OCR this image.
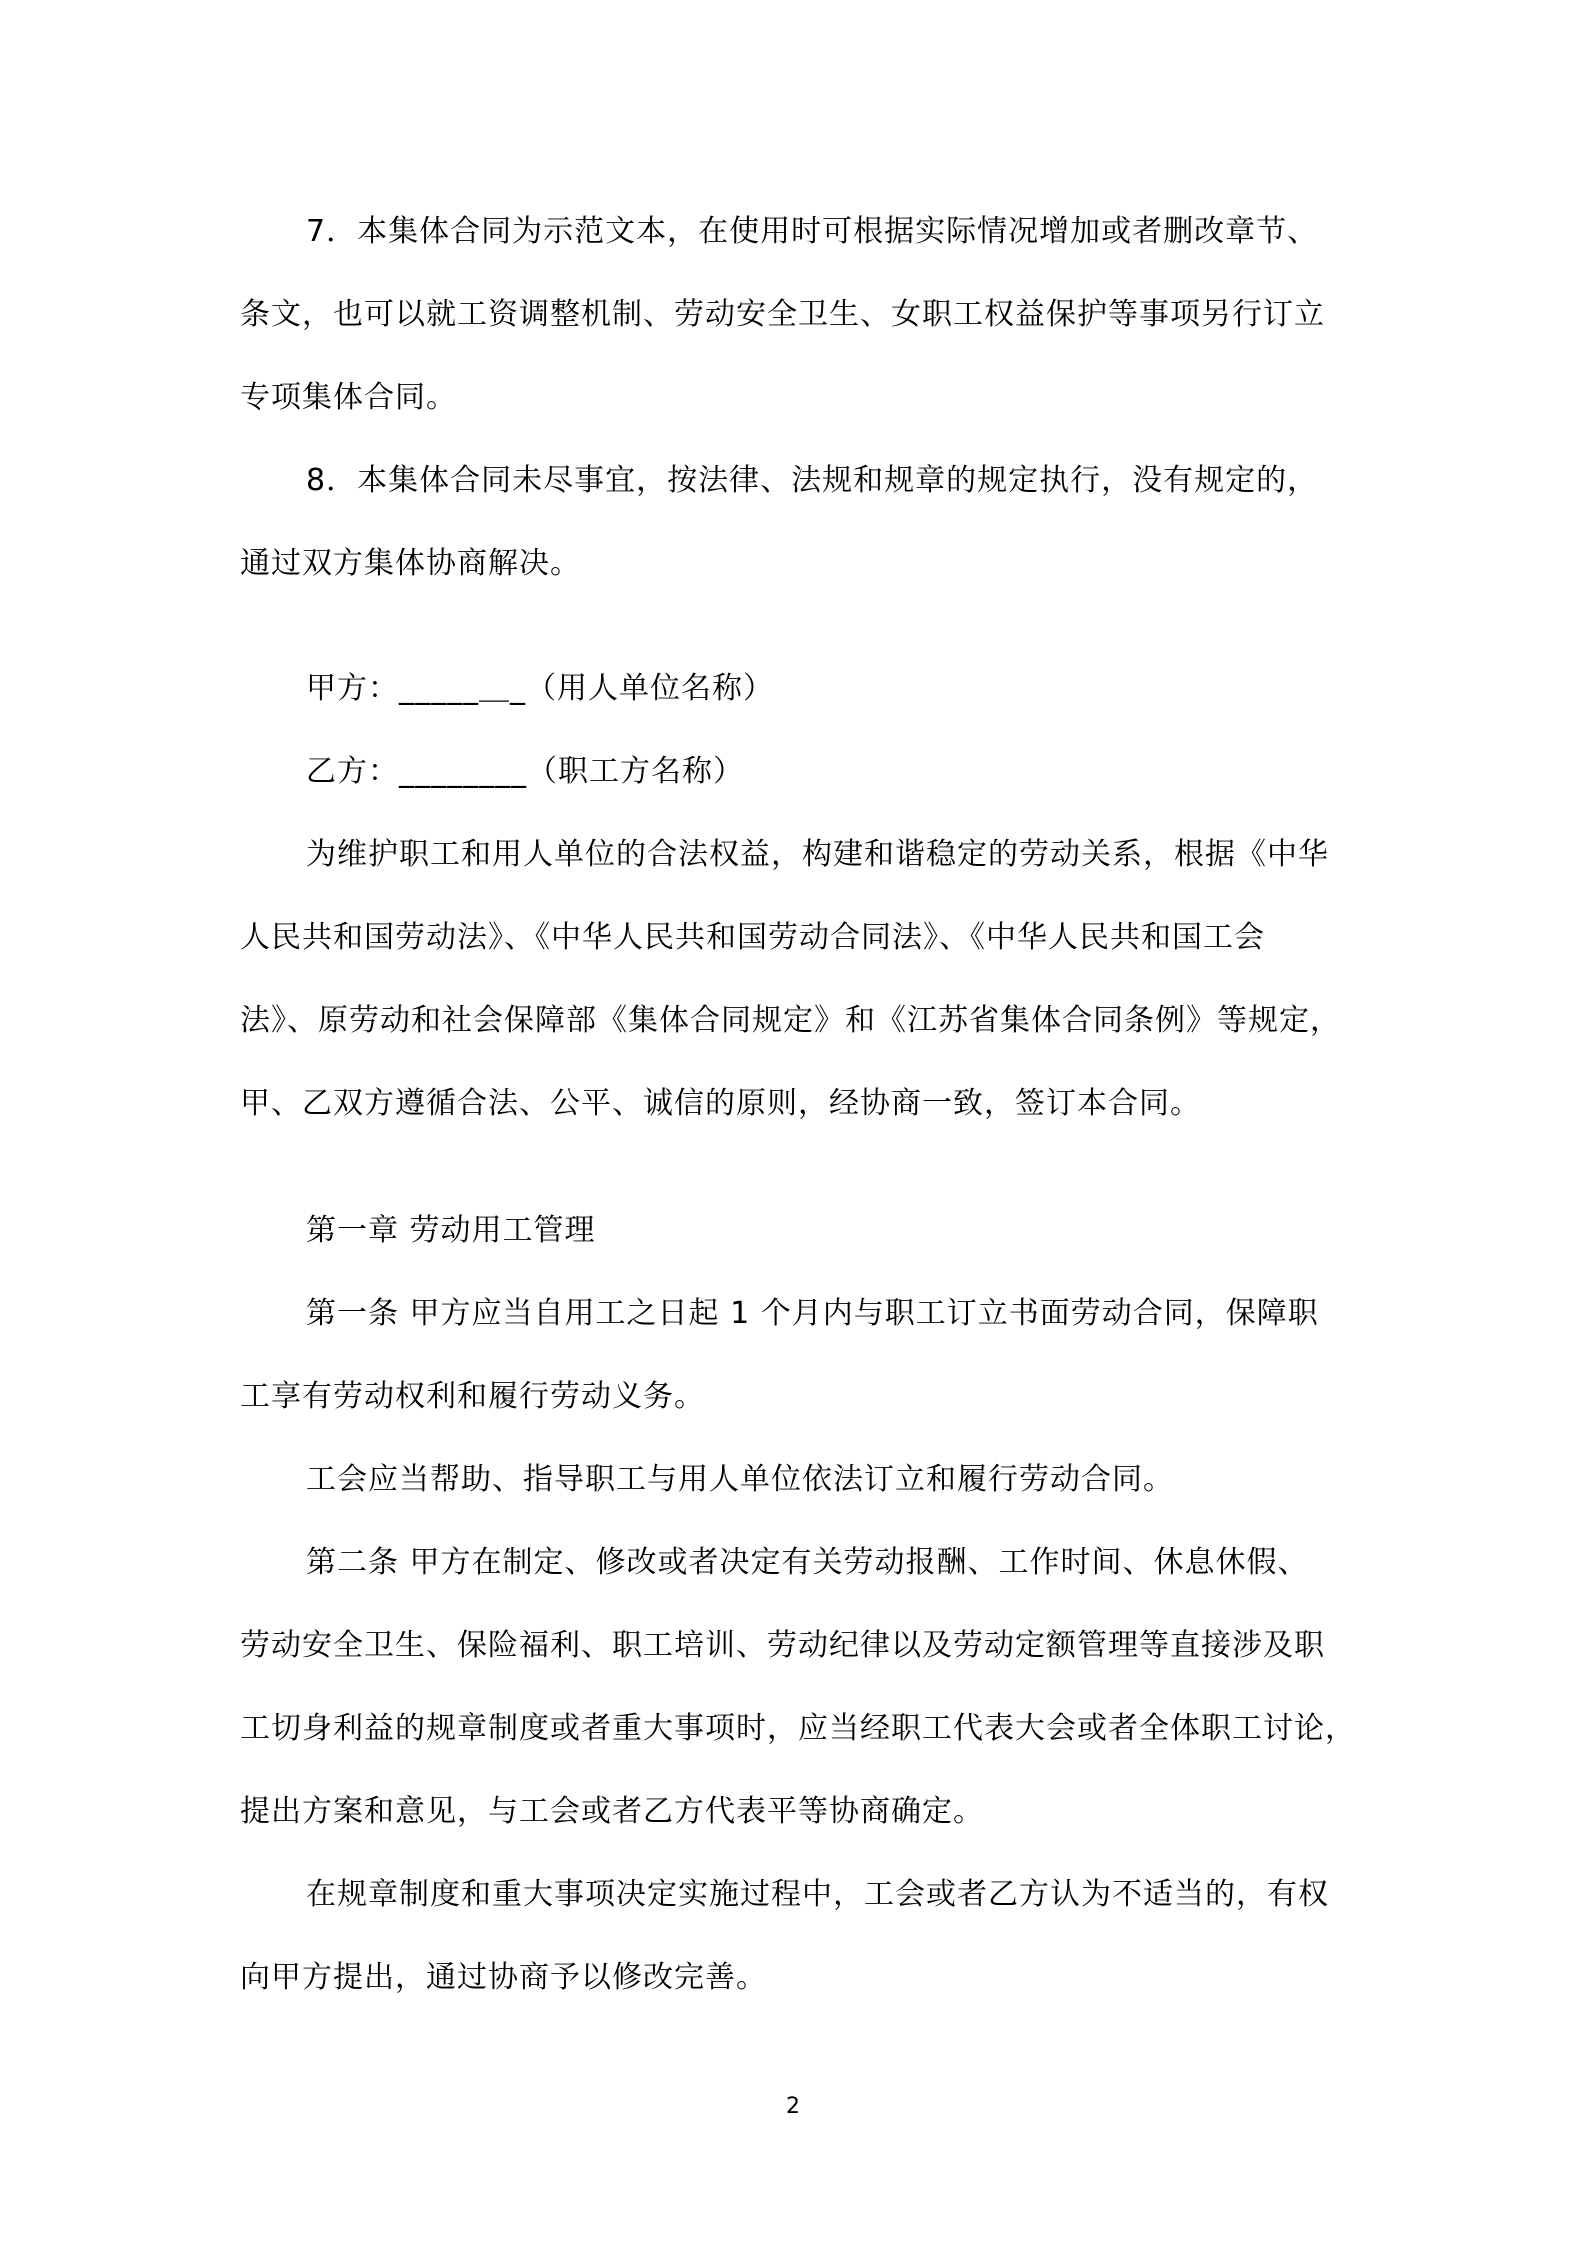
7．本集体合同为示范文本，在使用时可根据实际情况增加或者删改章节、
条文，也可以就工资调整机制、劳动安全卫生、女职工权益保护等事项另行订立
专项集体合同。
8．本集体合同未尽事宜，按法律、法规和规章的规定执行，没有规定的，
通过双方集体协商解决。
甲方：_____＿_（用人单位名称）
乙方：________（职工方名称）
为维护职工和用人单位的合法权益，构建和谐稳定的劳动关系，根据《中华
人民共和国劳动法》、《中华人民共和国劳动合同法》、《中华人民共和国工会
法》、原劳动和社会保障部《集体合同规定》和《江苏省集体合同条例》等规定，
甲、乙双方遵循合法、公平、诚信的原则，经协商一致，签订本合同。
第一章 劳动用工管理
第一条 甲方应当自用工之日起 1 个月内与职工订立书面劳动合同，保障职
工享有劳动权利和履行劳动义务。
工会应当帮助、指导职工与用人单位依法订立和履行劳动合同。
第二条 甲方在制定、修改或者决定有关劳动报酬、工作时间、休息休假、
劳动安全卫生、保险福利、职工培训、劳动纪律以及劳动定额管理等直接涉及职
工切身利益的规章制度或者重大事项时，应当经职工代表大会或者全体职工讨论，
提出方案和意见，与工会或者乙方代表平等协商确定。
在规章制度和重大事项决定实施过程中，工会或者乙方认为不适当的，有权
向甲方提出，通过协商予以修改完善。
2
